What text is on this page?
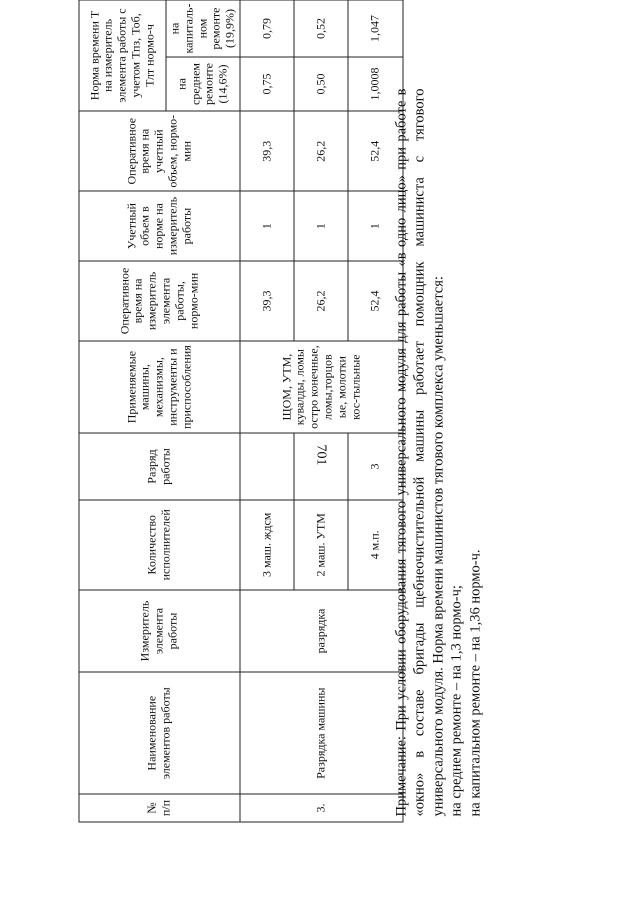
701
№ п/п	Наименование элементов работы	Измеритель элемента работы	Количество исполнителей	Разряд работы	Применяемые машины, механизмы, инструменты и приспособления	Оперативное время на измеритель элемента работы, нормо-мин	Учетный объем в норме на измеритель работы	Оперативное время на учетный объем, нормо-мин	Норма времени Т на измеритель элемента работы с учетом Тпз, Тоб, Тлт нормо-ч	
									на среднем ремонте (14,6%)	на капиталь-ном ремонте (19,9%)
3.	Разрядка машины	разрядка	3 маш. ждcм		ЩОМ, УТМ, кувалды, ломы остро конечные, ломы,торцов ые, молотки кос-тыльные	39,3	1	39,3	0,75	0,79
			2 маш. УТМ			26,2	1	26,2	0,50	0,52
			4 м.п.	3		52,4	1	52,4	1,0008	1,047

Примечание: При условии оборудования тягового универсального модуля для работы «в одно лицо» при работе в «окно» в составе бригады щебнеочистительной машины работает помощник машиниста с тягового универсального модуля. Норма времени машинистов тягового комплекса уменьшается: на среднем ремонте – на 1,3 нормо-ч; на капитальном ремонте – на 1,36 нормо-ч.
